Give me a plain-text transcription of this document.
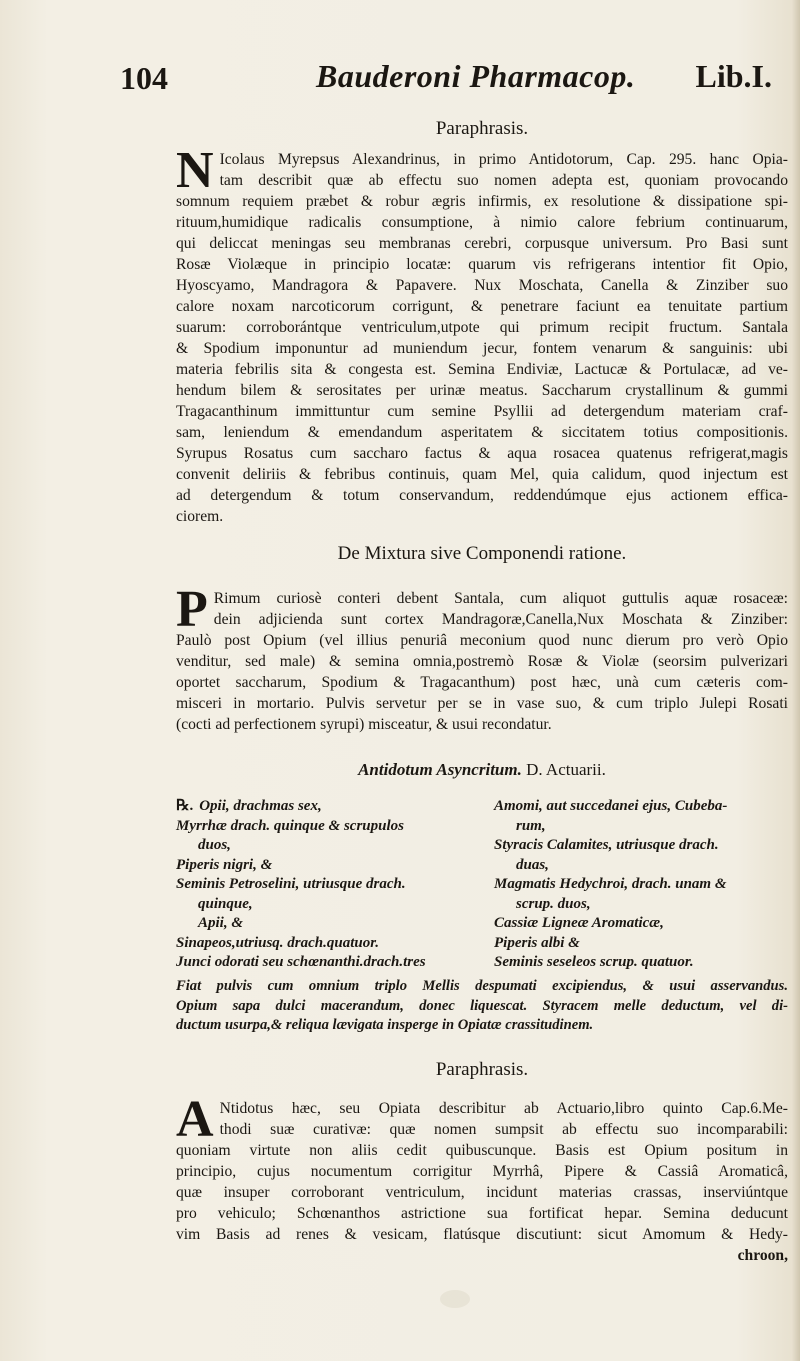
104	Bauderoni Pharmacop. Lib.I.
Paraphrasis.
N Icolaus Myrepsus Alexandrinus, in primo Antidotorum, Cap. 295. hanc Opia-
tam describit quæ ab effectu suo nomen adepta est, quoniam provocando
somnum requiem præbet & robur ægris infirmis, ex resolutione & dissipatione spi-
rituum,humidique radicalis consumptione, à nimio calore febrium continuarum,
qui deliccat meningas seu membranas cerebri, corpusque universum. Pro Basi sunt
Rosæ Violæque in principio locatæ: quarum vis refrigerans intentior fit Opio,
Hyoscyamo, Mandragora & Papavere. Nux Moschata, Canella & Zinziber suo
calore noxam narcoticorum corrigunt, & penetrare faciunt ea tenuitate partium
suarum: corroborántque ventriculum,utpote qui primum recipit fructum. Santala
& Spodium imponuntur ad muniendum jecur, fontem venarum & sanguinis: ubi
materia febrilis sita & congesta est. Semina Endiviæ, Lactucæ & Portulacæ, ad ve-
hendum bilem & serositates per urinæ meatus. Saccharum crystallinum & gummi
Tragacanthinum immittuntur cum semine Psyllii ad detergendum materiam craf-
sam, leniendum & emendandum asperitatem & siccitatem totius compositionis.
Syrupus Rosatus cum saccharo factus & aqua rosacea quatenus refrigerat,magis
convenit deliriis & febribus continuis, quam Mel, quia calidum, quod injectum est
ad detergendum & totum conservandum, reddendúmque ejus actionem effica-
ciorem.
De Mixtura sive Componendi ratione.
P Rimum curiosè conteri debent Santala, cum aliquot guttulis aquæ rosaceæ:
dein adjicienda sunt cortex Mandragoræ,Canella,Nux Moschata & Zinziber:
Paulò post Opium (vel illius penuriâ meconium quod nunc dierum pro verò Opio
venditur, sed male) & semina omnia,postremò Rosæ & Violæ (seorsim pulverizari
oportet saccharum, Spodium & Tragacanthum) post hæc, unà cum cæteris com-
misceri in mortario. Pulvis servetur per se in vase suo, & cum triplo Julepi Rosati
(cocti ad perfectionem syrupi) misceatur, & usui recondatur.
Antidotum Asyncritum. D. Actuarii.
℞. Opii, drachmas sex,
Myrrhæ drach. quinque & scrupulos
duos,
Piperis nigri, &
Seminis Petroselini, utriusque drach.
quinque,
Apii, &
Sinapeos,utriusq. drach.quatuor.
Junci odorati seu schœnanthi.drach.tres
Amomi, aut succedanei ejus, Cubeba-
rum,
Styracis Calamites, utriusque drach.
duas,
Magmatis Hedychroi, drach. unam &
scrup. duos,
Cassiæ Ligneæ Aromaticæ,
Piperis albi &
Seminis seseleos scrup. quatuor.
Fiat pulvis cum omnium triplo Mellis despumati excipiendus, & usui asservandus.
Opium sapa dulci macerandum, donec liquescat. Styracem melle deductum, vel di-
ductum usurpa,& reliqua lævigata insperge in Opiatæ crassitudinem.
Paraphrasis.
A Ntidotus hæc, seu Opiata describitur ab Actuario,libro quinto Cap.6.Me-
thodi suæ curativæ: quæ nomen sumpsit ab effectu suo incomparabili:
quoniam virtute non aliis cedit quibuscunque. Basis est Opium positum in
principio, cujus nocumentum corrigitur Myrrhâ, Pipere & Cassiâ Aromaticâ,
quæ insuper corroborant ventriculum, incidunt materias crassas, inserviúntque
pro vehiculo; Schœnanthos astrictione sua fortificat hepar. Semina deducunt
vim Basis ad renes & vesicam, flatúsque discutiunt: sicut Amomum & Hedy-
chroon,
